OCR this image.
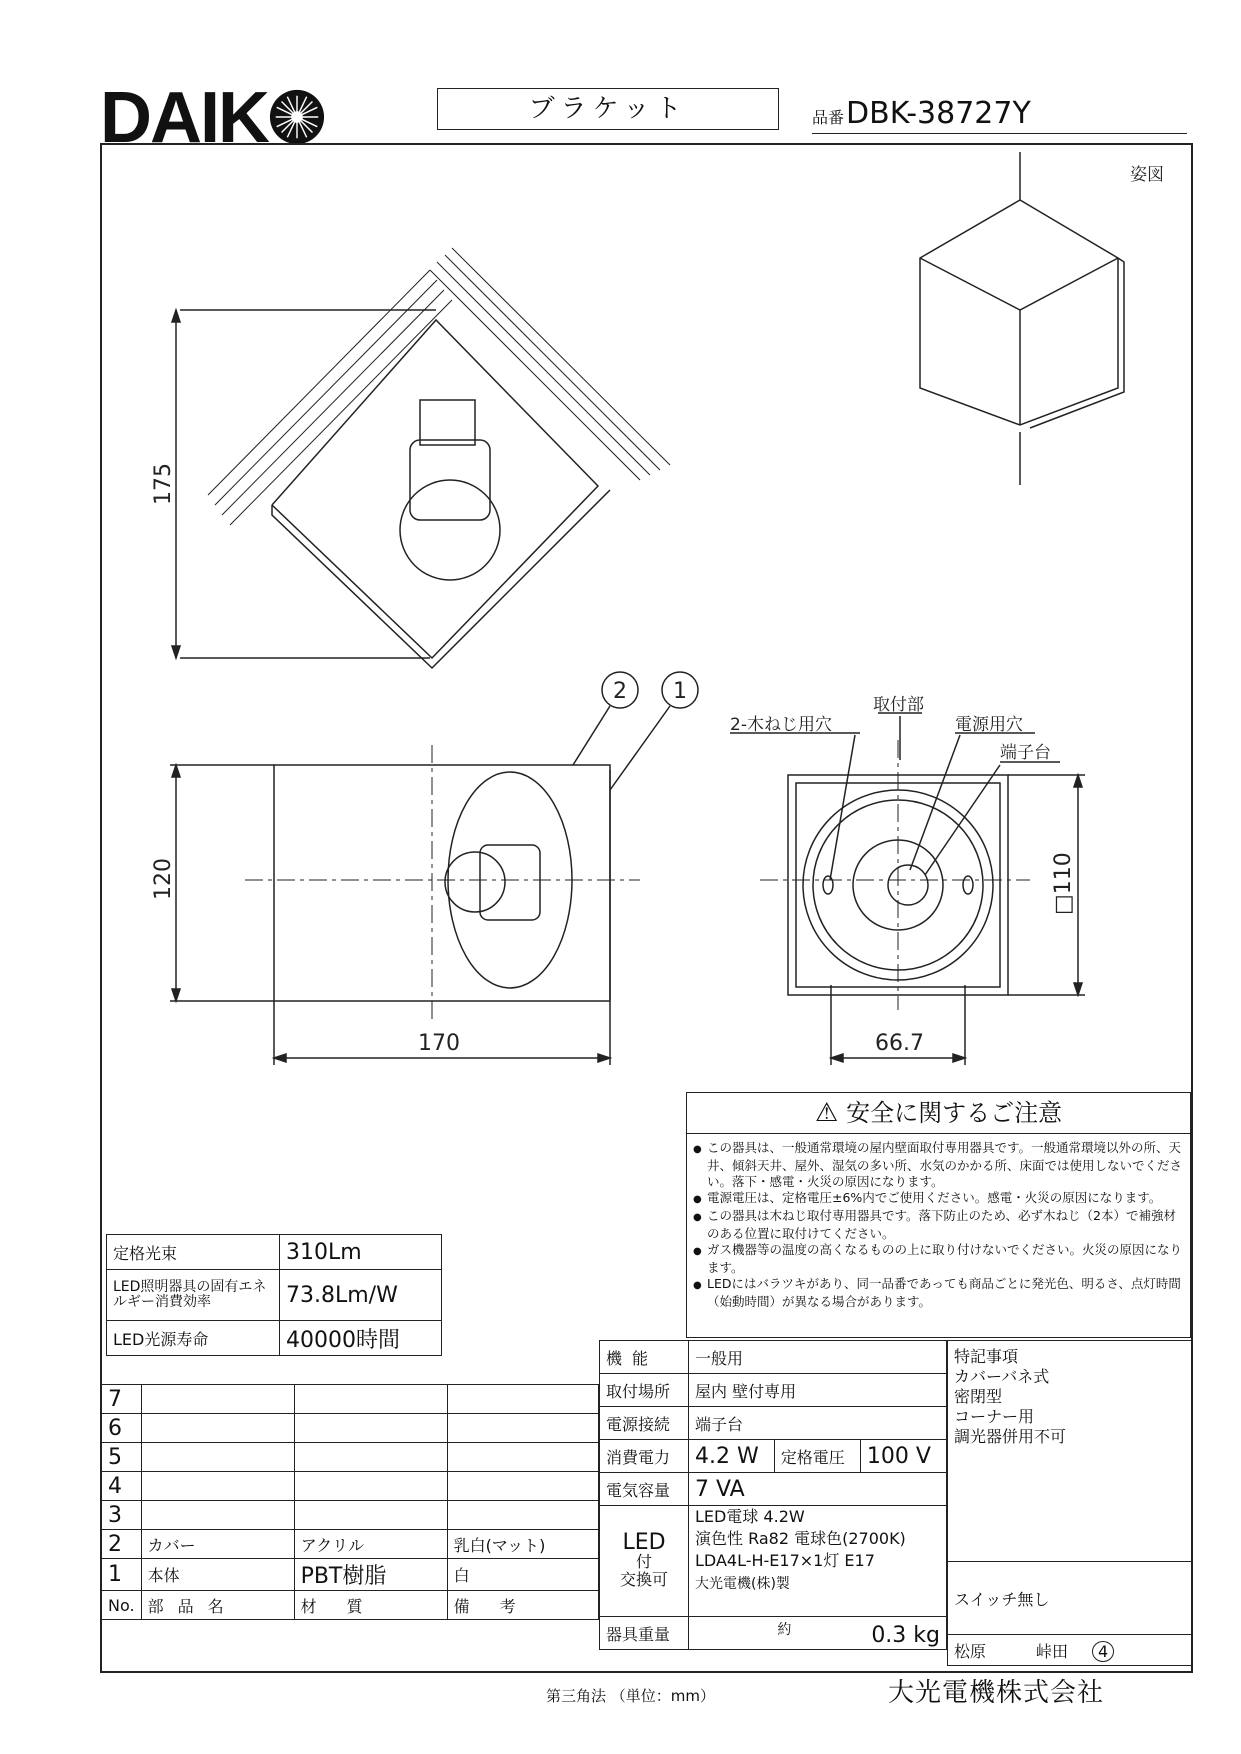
DAIK	ブラケット	品番DBK-38727Y
姿図
175
120
170
2 1
2-木ねじ用穴
取付部
電源用穴
端子台
□110
66.7
⚠ 安全に関するご注意
● この器具は、一般通常環境の屋内壁面取付専用器具です。一般通常環境以外の所、天井、傾斜天井、屋外、湿気の多い所、水気のかかる所、床面では使用しないでください。落下・感電・火災の原因になります。
● 電源電圧は、定格電圧±6%内でご使用ください。感電・火災の原因になります。
● この器具は木ねじ取付専用器具です。落下防止のため、必ず木ねじ（2本）で補強材のある位置に取付けてください。
● ガス機器等の温度の高くなるものの上に取り付けないでください。火災の原因になります。
● LEDにはバラツキがあり、同一品番であっても商品ごとに発光色、明るさ、点灯時間（始動時間）が異なる場合があります。
定格光束	310Lm
LED照明器具の固有エネルギー消費効率	73.8Lm/W
LED光源寿命	40000時間
7			
6			
5			
4			
3			
2	カバー	アクリル	乳白(マット)
1	本体	PBT樹脂	白
No.	部品名	材質	備考
機能	一般用		
取付場所	屋内 壁付専用		
電源接続	端子台		
消費電力	4.2 W	定格電圧	100 V
電気容量	7 VA		
LED
付
交換可	LED電球 4.2W
演色性 Ra82 電球色(2700K)
LDA4L-H-E17×1灯 E17
大光電機(株)製		
器具重量	約 0.3 kg		
特記事項
カバーバネ式
密閉型
コーナー用
調光器併用不可
スイッチ無し
松原	峠田 4
第三角法 （単位：mm）	大光電機株式会社
